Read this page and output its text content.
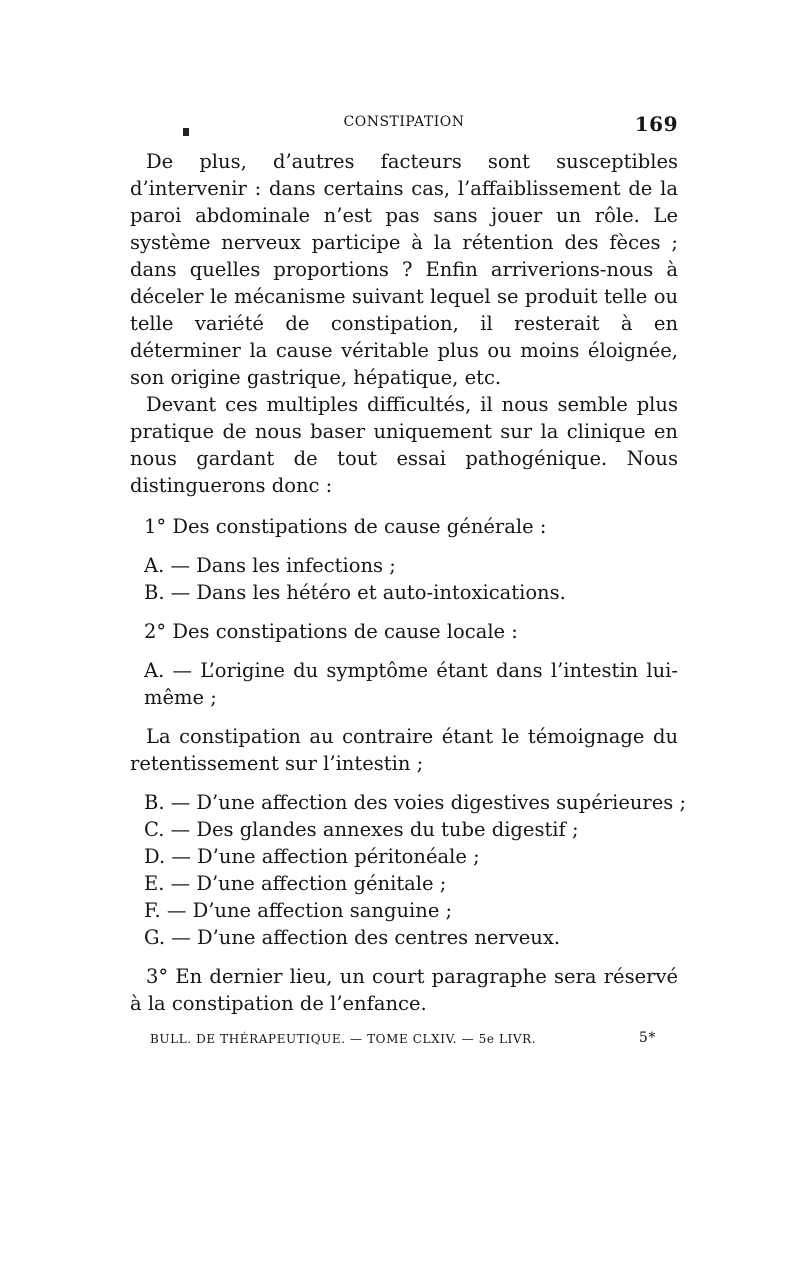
CONSTIPATION	169

De plus, d’autres facteurs sont susceptibles d’intervenir : dans certains cas, l’affaiblissement de la paroi abdominale n’est pas sans jouer un rôle. Le système nerveux participe à la rétention des fèces ; dans quelles proportions ? Enfin arriverions-nous à déceler le mécanisme suivant lequel se produit telle ou telle variété de constipation, il resterait à en déterminer la cause véritable plus ou moins éloignée, son origine gastrique, hépatique, etc.

Devant ces multiples difficultés, il nous semble plus pratique de nous baser uniquement sur la clinique en nous gardant de tout essai pathogénique. Nous distinguerons donc :

1° Des constipations de cause générale :

A. — Dans les infections ;

B. — Dans les hétéro et auto-intoxications.

2° Des constipations de cause locale :

A. — L’origine du symptôme étant dans l’intestin lui-même ;

La constipation au contraire étant le témoignage du retentissement sur l’intestin ;

B. — D’une affection des voies digestives supérieures ;

C. — Des glandes annexes du tube digestif ;

D. — D’une affection péritonéale ;

E. — D’une affection génitale ;

F. — D’une affection sanguine ;

G. — D’une affection des centres nerveux.

3° En dernier lieu, un court paragraphe sera réservé à la constipation de l’enfance.

BULL. DE THÉRAPEUTIQUE. — TOME CLXIV. — 5e LIVR.	5*
